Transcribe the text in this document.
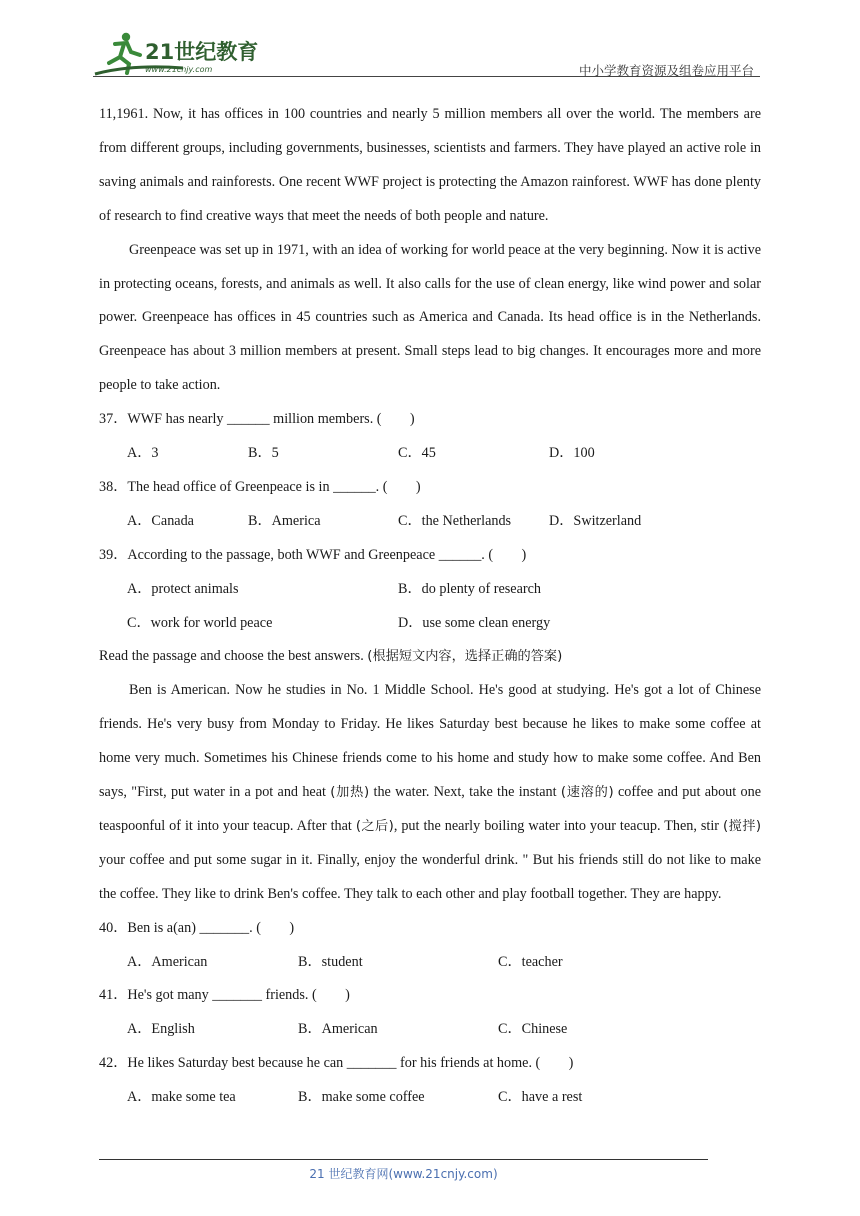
21世纪教育
www.21cnjy.com	中小学教育资源及组卷应用平台

11,1961. Now, it has offices in 100 countries and nearly 5 million members all over the world. The members are from different groups, including governments, businesses, scientists and farmers. They have played an active role in saving animals and rainforests. One recent WWF project is protecting the Amazon rainforest. WWF has done plenty of research to find creative ways that meet the needs of both people and nature.

Greenpeace was set up in 1971, with an idea of working for world peace at the very beginning. Now it is active in protecting oceans, forests, and animals as well. It also calls for the use of clean energy, like wind power and solar power. Greenpeace has offices in 45 countries such as America and Canada. Its head office is in the Netherlands. Greenpeace has about 3 million members at present. Small steps lead to big changes. It encourages more and more people to take action.

37．WWF has nearly ______ million members. (　　)

A．3	B．5	C．45	D．100

38．The head office of Greenpeace is in ______. (　　)

A．Canada	B．America	C．the Netherlands	D．Switzerland

39．According to the passage, both WWF and Greenpeace ______. (　　)

A．protect animals	B．do plenty of research
C．work for world peace	D．use some clean energy

Read the passage and choose the best answers. (根据短文内容，选择正确的答案)

Ben is American. Now he studies in No. 1 Middle School. He's good at studying. He's got a lot of Chinese friends. He's very busy from Monday to Friday. He likes Saturday best because he likes to make some coffee at home very much. Sometimes his Chinese friends come to his home and study how to make some coffee. And Ben says, "First, put water in a pot and heat (加热) the water. Next, take the instant (速溶的) coffee and put about one teaspoonful of it into your teacup. After that (之后), put the nearly boiling water into your teacup. Then, stir (搅拌) your coffee and put some sugar in it. Finally, enjoy the wonderful drink. " But his friends still do not like to make the coffee. They like to drink Ben's coffee. They talk to each other and play football together. They are happy.

40．Ben is a(an) _______. (　　)

A．American	B．student	C．teacher

41．He's got many _______ friends. (　　)

A．English	B．American	C．Chinese

42．He likes Saturday best because he can _______ for his friends at home. (　　)

A．make some tea	B．make some coffee	C．have a rest
21 世纪教育网(www.21cnjy.com)
